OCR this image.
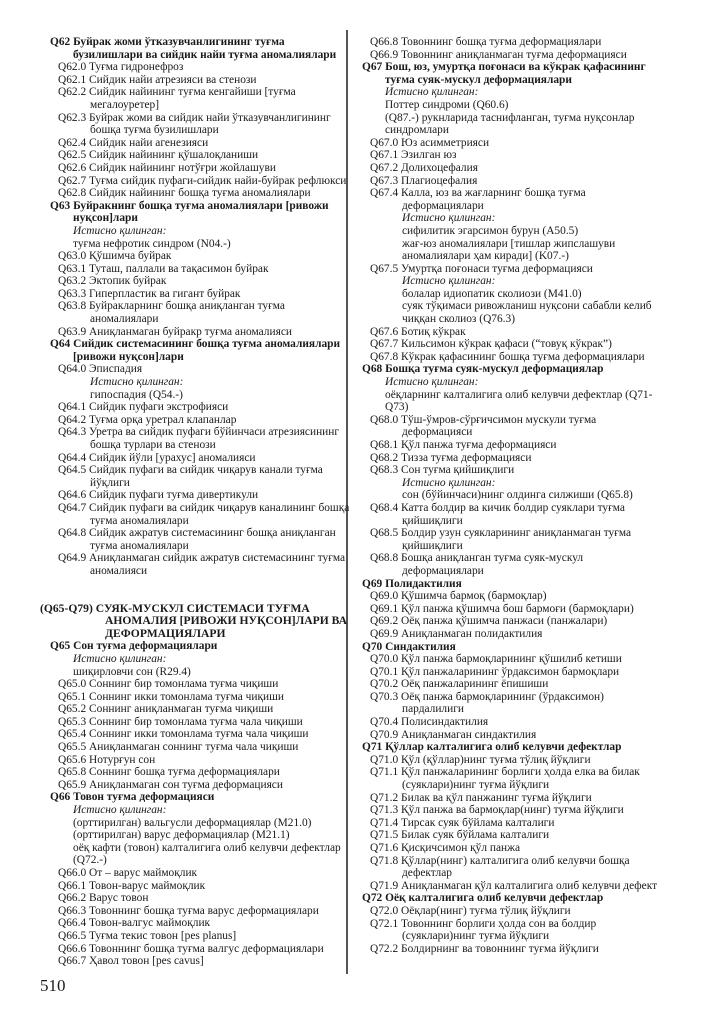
Q62 Буйрак жоми ўтказувчанлигининг туғма
бузилишлари ва сийдик найи туғма аномалиялари
Q62.0 Туғма гидронефроз
Q62.1 Сийдик найи атрезияси ва стенози
Q62.2 Сийдик найининг туғма кенгайиши [туғма
мегалоуретер]
Q62.3 Буйрак жоми ва сийдик найи ўтказувчанлигининг
бошқа туғма бузилишлари
Q62.4 Сийдик найи агенезияси
Q62.5 Сийдик найининг қўшалоқланиши
Q62.6 Сийдик найининг нотўғри жойлашуви
Q62.7 Туғма сийдик пуфаги-сийдик найи-буйрак рефлюкси
Q62.8 Сийдик найининг бошқа туғма аномалиялари
Q63 Буйракнинг бошқа туғма аномалиялари [ривожи
нуқсон]лари
Истисно қилинган:
туғма нефротик синдром (N04.-)
Q63.0 Қўшимча буйрак
Q63.1 Туташ, паллали ва тақасимон буйрак
Q63.2 Эктопик буйрак
Q63.3 Гиперпластик ва гигант буйрак
Q63.8 Буйракларнинг бошқа аниқланган туғма
аномалиялари
Q63.9 Аниқланмаган буйракр туғма аномалияси
Q64 Сийдик системасининг бошқа туғма аномалиялари
[ривожи нуқсон]лари
Q64.0 Эписпадия
Истисно қилинган:
гипоспадия (Q54.-)
Q64.1 Сийдик пуфаги экстрофияси
Q64.2 Туғма орқа уретрал клапанлар
Q64.3 Уретра ва сийдик пуфаги бўйинчаси атрезиясининг
бошқа турлари ва стенози
Q64.4 Сийдик йўли [урахус] аномалияси
Q64.5 Сийдик пуфаги ва сийдик чиқарув канали туғма
йўқлиги
Q64.6 Сийдик пуфаги туғма дивертикули
Q64.7 Сийдик пуфаги ва сийдик чиқарув каналининг бошқа
туғма аномалиялари
Q64.8 Сийдик ажратув системасининг бошқа аниқланган
туғма аномалиялари
Q64.9 Аниқланмаган сийдик ажратув системасининг туғма
аномалияси
(Q65-Q79) СУЯК-МУСКУЛ СИСТЕМАСИ ТУҒМА
АНОМАЛИЯ [РИВОЖИ НУҚСОН]ЛАРИ ВА
ДЕФОРМАЦИЯЛАРИ
Q65 Сон туғма деформациялари
Истисно қилинган:
шиқирловчи сон (R29.4)
Q65.0 Соннинг бир томонлама туғма чиқиши
Q65.1 Соннинг икки томонлама туғма чиқиши
Q65.2 Соннинг аниқланмаган туғма чиқиши
Q65.3 Соннинг бир томонлама туғма чала чиқиши
Q65.4 Соннинг икки томонлама туғма чала чиқиши
Q65.5 Аниқланмаган соннинг туғма чала чиқиши
Q65.6 Нотурғун сон
Q65.8 Соннинг бошқа туғма деформациялари
Q65.9 Аниқланмаган сон туғма деформацияси
Q66 Товон туғма деформацияси
Истисно қилинган:
(орттирилган) вальгусли деформациялар (M21.0)
(орттирилган) варус деформациялар (M21.1)
оёқ кафти (товон) калталигига олиб келувчи дефектлар
(Q72.-)
Q66.0 От – варус маймоқлик
Q66.1 Товон-варус маймоқлик
Q66.2 Варус товон
Q66.3 Товоннинг бошқа туғма варус деформациялари
Q66.4 Товон-валгус маймоқлик
Q66.5 Туғма текис товон [pes planus]
Q66.6 Товоннинг бошқа туғма валгус деформациялари
Q66.7 Ҳавол товон [pes cavus]
Q66.8 Товоннинг бошқа туғма деформациялари
Q66.9 Товоннинг аниқланмаган туғма деформацияси
Q67 Бош, юз, умуртқа поғонаси ва кўкрак қафасининг
туғма суяк-мускул деформациялари
Истисно қилинган:
Поттер синдроми (Q60.6)
(Q87.-) рукнларида таснифланган, туғма нуқсонлар
синдромлари
Q67.0 Юз асимметрияси
Q67.1 Эзилган юз
Q67.2 Долихоцефалия
Q67.3 Плагиоцефалия
Q67.4 Калла, юз ва жағларнинг бошқа туғма
деформациялари
Истисно қилинган:
сифилитик эгарсимон бурун (A50.5)
жағ-юз аномалиялари [тишлар жипслашуви
аномалиялари ҳам киради] (K07.-)
Q67.5 Умуртқа поғонаси туғма деформацияси
Истисно қилинган:
болалар идиопатик сколиози (M41.0)
суяк тўқимаси ривожланиш нуқсони сабабли келиб
чиққан сколиоз (Q76.3)
Q67.6 Ботиқ кўкрак
Q67.7 Кильсимон кўкрак қафаси (“товуқ кўкрак”)
Q67.8 Кўкрак қафасининг бошқа туғма деформациялари
Q68 Бошқа туғма суяк-мускул деформациялар
Истисно қилинган:
оёқларнинг калталигига олиб келувчи дефектлар (Q71-
Q73)
Q68.0 Тўш-ўмров-сўрғичсимон мускули туғма
деформацияси
Q68.1 Қўл панжа туғма деформацияси
Q68.2 Тизза туғма деформацияси
Q68.3 Сон туғма қийшиқлиги
Истисно қилинган:
сон (бўйинчаси)нинг олдинга силжиши (Q65.8)
Q68.4 Катта болдир ва кичик болдир суяклари туғма
қийшиқлиги
Q68.5 Болдир узун суякларининг аниқланмаган туғма
қийшиқлиги
Q68.8 Бошқа аниқланган туғма суяк-мускул
деформациялари
Q69 Полидактилия
Q69.0 Қўшимча бармоқ (бармоқлар)
Q69.1 Қўл панжа қўшимча бош бармоғи (бармоқлари)
Q69.2 Оёқ панжа қўшимча панжаси (панжалари)
Q69.9 Аниқланмаган полидактилия
Q70 Синдактилия
Q70.0 Қўл панжа бармоқларининг қўшилиб кетиши
Q70.1 Қўл панжаларининг ўрдаксимон бармоқлари
Q70.2 Оёқ панжаларининг ёпишиши
Q70.3 Оёқ панжа бармоқларининг (ўрдаксимон)
пардалилиги
Q70.4 Полисиндактилия
Q70.9 Аниқланмаган синдактилия
Q71 Қўллар калталигига олиб келувчи дефектлар
Q71.0 Қўл (қўллар)нинг туғма тўлиқ йўқлиги
Q71.1 Қўл панжаларининг борлиги ҳолда елка ва билак
(суяклари)нинг туғма йўқлиги
Q71.2 Билак ва қўл панжанинг туғма йўқлиги
Q71.3 Қўл панжа ва бармоқлар(нинг) туғма йўқлиги
Q71.4 Тирсак суяк бўйлама калталиги
Q71.5 Билак суяк бўйлама калталиги
Q71.6 Қисқичсимон қўл панжа
Q71.8 Қўллар(нинг) калталигига олиб келувчи бошқа
дефектлар
Q71.9 Аниқланмаган қўл калталигига олиб келувчи дефект
Q72 Оёқ калталигига олиб келувчи дефектлар
Q72.0 Оёқлар(нинг) туғма тўлиқ йўқлиги
Q72.1 Товоннинг борлиги ҳолда сон ва болдир
(суяклари)нинг туғма йўқлиги
Q72.2 Болдирнинг ва товоннинг туғма йўқлиги
510
